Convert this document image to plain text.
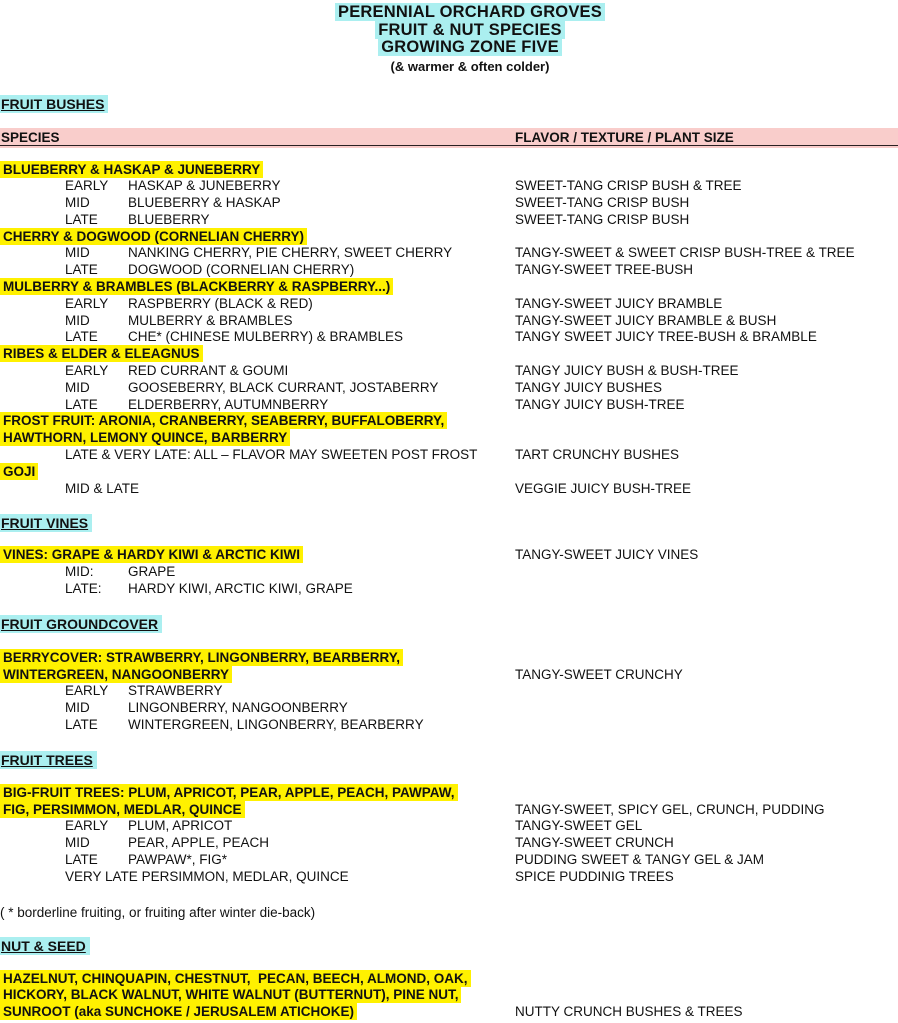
PERENNIAL ORCHARD GROVES
FRUIT & NUT SPECIES
GROWING ZONE FIVE
(& warmer & often colder)
FRUIT BUSHES
SPECIES	FLAVOR / TEXTURE / PLANT SIZE
BLUEBERRY & HASKAP & JUNEBERRY
EARLY HASKAP & JUNEBERRY	SWEET-TANG CRISP BUSH & TREE
MID	BLUEBERRY & HASKAP	SWEET-TANG CRISP BUSH
LATE BLUEBERRY	SWEET-TANG CRISP BUSH
CHERRY & DOGWOOD (CORNELIAN CHERRY)
MID	NANKING CHERRY, PIE CHERRY, SWEET CHERRY	TANGY-SWEET & SWEET CRISP BUSH-TREE & TREE
LATE DOGWOOD (CORNELIAN CHERRY)	TANGY-SWEET TREE-BUSH
MULBERRY & BRAMBLES (BLACKBERRY & RASPBERRY...)
EARLY RASPBERRY (BLACK & RED)	TANGY-SWEET JUICY BRAMBLE
MID	MULBERRY & BRAMBLES	TANGY-SWEET JUICY BRAMBLE & BUSH
LATE CHE* (CHINESE MULBERRY) & BRAMBLES	TANGY SWEET JUICY TREE-BUSH & BRAMBLE
RIBES & ELDER & ELEAGNUS
EARLY RED CURRANT & GOUMI	TANGY JUICY BUSH & BUSH-TREE
MID	GOOSEBERRY, BLACK CURRANT, JOSTABERRY	TANGY JUICY BUSHES
LATE ELDERBERRY, AUTUMNBERRY	TANGY JUICY BUSH-TREE
FROST FRUIT: ARONIA, CRANBERRY, SEABERRY, BUFFALOBERRY,
HAWTHORN, LEMONY QUINCE, BARBERRY
LATE & VERY LATE: ALL – FLAVOR MAY SWEETEN POST FROST	TART CRUNCHY BUSHES
GOJI
MID & LATE	VEGGIE JUICY BUSH-TREE
FRUIT VINES
VINES: GRAPE & HARDY KIWI & ARCTIC KIWI	TANGY-SWEET JUICY VINES
MID:	GRAPE
LATE: HARDY KIWI, ARCTIC KIWI, GRAPE
FRUIT GROUNDCOVER
BERRYCOVER: STRAWBERRY, LINGONBERRY, BEARBERRY,
WINTERGREEN, NANGOONBERRY	TANGY-SWEET CRUNCHY
EARLY STRAWBERRY
MID	LINGONBERRY, NANGOONBERRY
LATE WINTERGREEN, LINGONBERRY, BEARBERRY
FRUIT TREES
BIG-FRUIT TREES: PLUM, APRICOT, PEAR, APPLE, PEACH, PAWPAW,
FIG, PERSIMMON, MEDLAR, QUINCE	TANGY-SWEET, SPICY GEL, CRUNCH, PUDDING
EARLY PLUM, APRICOT	TANGY-SWEET GEL
MID	PEAR, APPLE, PEACH	TANGY-SWEET CRUNCH
LATE PAWPAW*, FIG*	PUDDING SWEET & TANGY GEL & JAM
VERY LATE PERSIMMON, MEDLAR, QUINCE	SPICE PUDDINIG TREES
( * borderline fruiting, or fruiting after winter die-back)
NUT & SEED
HAZELNUT, CHINQUAPIN, CHESTNUT,  PECAN, BEECH, ALMOND, OAK,
HICKORY, BLACK WALNUT, WHITE WALNUT (BUTTERNUT), PINE NUT,
SUNROOT (aka SUNCHOKE / JERUSALEM ATICHOKE)	NUTTY CRUNCH BUSHES & TREES
